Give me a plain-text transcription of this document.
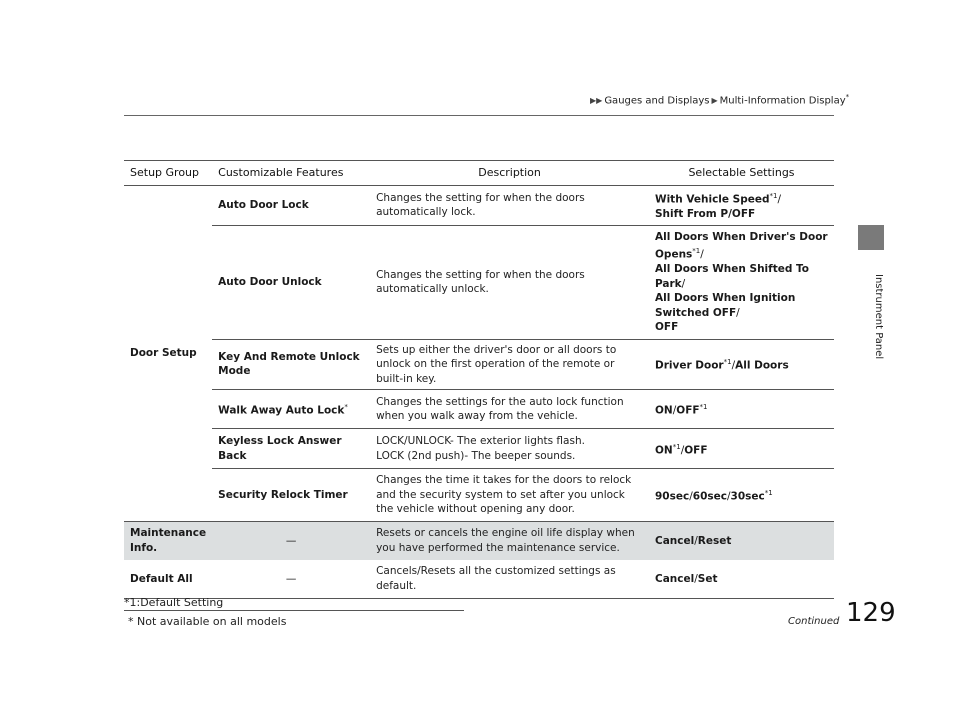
▶▶ Gauges and Displays ▶ Multi-Information Display*
Instrument Panel
Setup Group	Customizable Features	Description	Selectable Settings
Door Setup	Auto Door Lock	Changes the setting for when the doors automatically lock.	With Vehicle Speed$^{*1}$/
Shift From P/OFF
	Auto Door Unlock	Changes the setting for when the doors automatically unlock.	All Doors When Driver's Door Opens$^{*1}$/
All Doors When Shifted To Park/
All Doors When Ignition Switched OFF/
OFF
	Key And Remote Unlock Mode	Sets up either the driver's door or all doors to unlock on the first operation of the remote or built-in key.	Driver Door$^{*1}$/All Doors
	Walk Away Auto Lock*	Changes the settings for the auto lock function when you walk away from the vehicle.	ON/OFF$^{*1}$
	Keyless Lock Answer Back	LOCK/UNLOCK- The exterior lights flash.
LOCK (2nd push)- The beeper sounds.	ON$^{*1}$/OFF
	Security Relock Timer	Changes the time it takes for the doors to relock and the security system to set after you unlock the vehicle without opening any door.	$90\sec/60\sec/30\sec^{*1}$
Maintenance Info.	—	Resets or cancels the engine oil life display when you have performed the maintenance service.	Cancel/Reset
Default All	—	Cancels/Resets all the customized settings as default.	Cancel/Set
*1:Default Setting
* Not available on all models	Continued 129
